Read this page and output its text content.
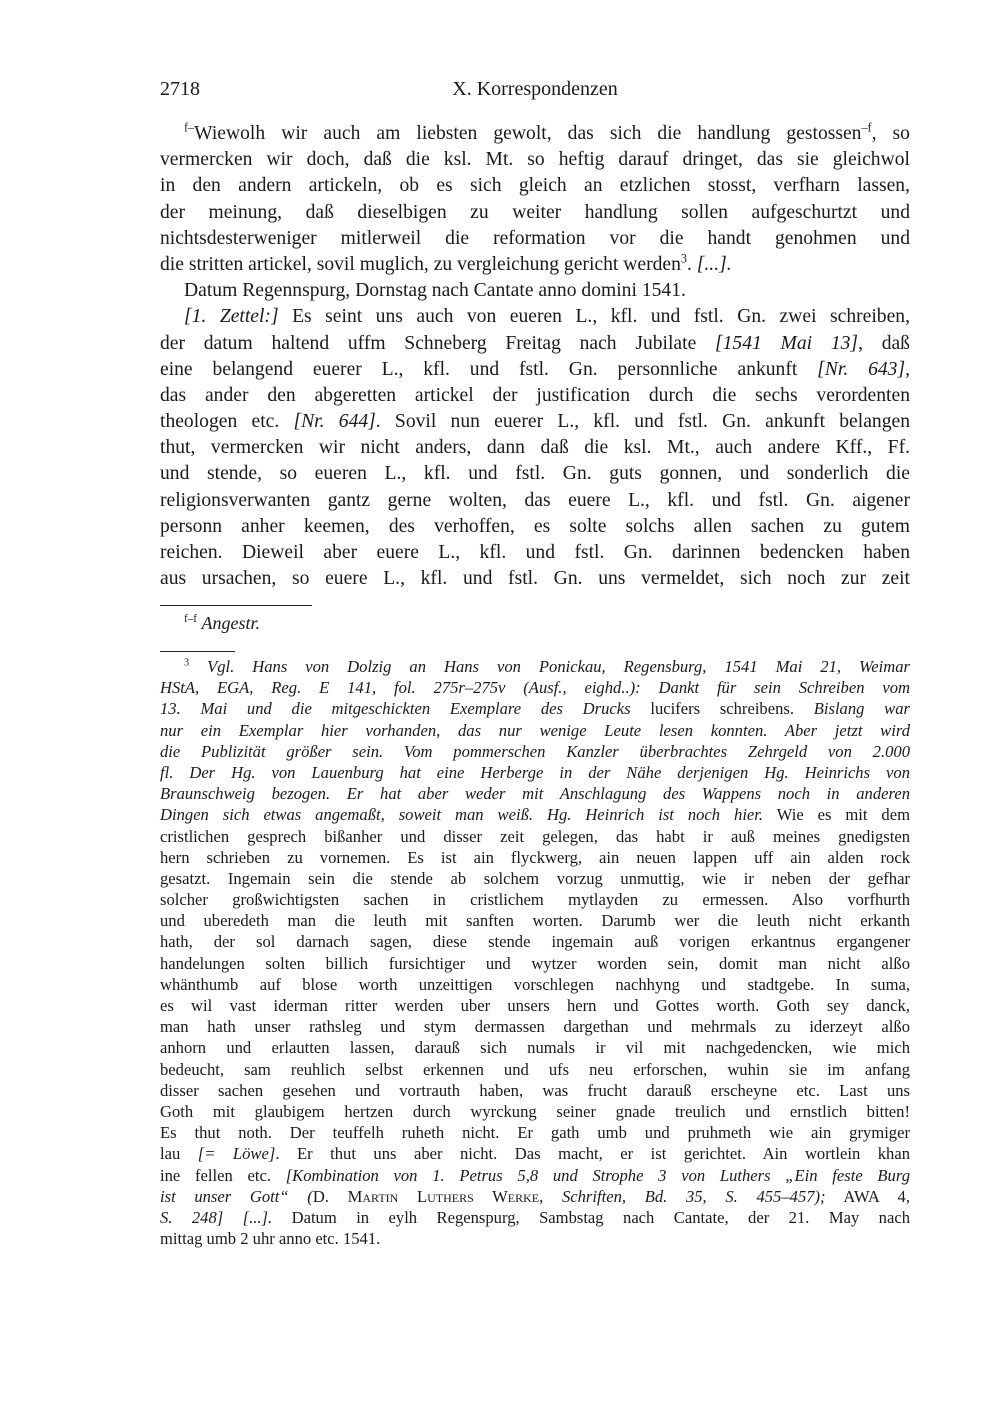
2718	X. Korrespondenzen
$^{f-}$Wiewolh wir auch am liebsten gewolt, das sich die handlung gestossen$^{-f}$, so
vermercken wir doch, daß die ksl. Mt. so heftig darauf dringet, das sie gleichwol
in den andern artickeln, ob es sich gleich an etzlichen stosst, verfharn lassen,
der meinung, daß dieselbigen zu weiter handlung sollen aufgeschurtzt und
nichtsdesterweniger mitlerweil die reformation vor die handt genohmen und
die stritten artickel, sovil muglich, zu vergleichung gericht werden$^3$. [...].
Datum Regennspurg, Dornstag nach Cantate anno domini 1541.
[1. Zettel:] Es seint uns auch von eueren L., kfl. und fstl. Gn. zwei schreiben,
der datum haltend uffm Schneberg Freitag nach Jubilate [1541 Mai 13], daß
eine belangend euerer L., kfl. und fstl. Gn. personnliche ankunft [Nr. 643],
das ander den abgeretten artickel der justification durch die sechs verordenten
theologen etc. [Nr. 644]. Sovil nun euerer L., kfl. und fstl. Gn. ankunft belangen
thut, vermercken wir nicht anders, dann daß die ksl. Mt., auch andere Kff., Ff.
und stende, so eueren L., kfl. und fstl. Gn. guts gonnen, und sonderlich die
religionsverwanten gantz gerne wolten, das euere L., kfl. und fstl. Gn. aigener
personn anher keemen, des verhoffen, es solte solchs allen sachen zu gutem
reichen. Dieweil aber euere L., kfl. und fstl. Gn. darinnen bedencken haben
aus ursachen, so euere L., kfl. und fstl. Gn. uns vermeldet, sich noch zur zeit
$^{f-f}$ Angestr.
$^3$ Vgl. Hans von Dolzig an Hans von Ponickau, Regensburg, 1541 Mai 21, Weimar
HStA, EGA, Reg. E 141, fol. 275r–275v (Ausf., eighd..): Dankt für sein Schreiben vom
13. Mai und die mitgeschickten Exemplare des Drucks lucifers schreibens. Bislang war
nur ein Exemplar hier vorhanden, das nur wenige Leute lesen konnten. Aber jetzt wird
die Publizität größer sein. Vom pommerschen Kanzler überbrachtes Zehrgeld von 2.000
fl. Der Hg. von Lauenburg hat eine Herberge in der Nähe derjenigen Hg. Heinrichs von
Braunschweig bezogen. Er hat aber weder mit Anschlagung des Wappens noch in anderen
Dingen sich etwas angemaßt, soweit man weiß. Hg. Heinrich ist noch hier. Wie es mit dem
cristlichen gesprech bißanher und disser zeit gelegen, das habt ir auß meines gnedigsten
hern schrieben zu vornemen. Es ist ain flyckwerg, ain neuen lappen uff ain alden rock
gesatzt. Ingemain sein die stende ab solchem vorzug unmuttig, wie ir neben der gefhar
solcher großwichtigsten sachen in cristlichem mytlayden zu ermessen. Also vorfhurth
und uberedeth man die leuth mit sanften worten. Darumb wer die leuth nicht erkanth
hath, der sol darnach sagen, diese stende ingemain auß vorigen erkantnus ergangener
handelungen solten billich fursichtiger und wytzer worden sein, domit man nicht alßo
whänthumb auf blose worth unzeittigen vorschlegen nachhyng und stadtgebe. In suma,
es wil vast iderman ritter werden uber unsers hern und Gottes worth. Goth sey danck,
man hath unser rathsleg und stym dermassen dargethan und mehrmals zu iderzeyt alßo
anhorn und erlautten lassen, darauß sich numals ir vil mit nachgedencken, wie mich
bedeucht, sam reuhlich selbst erkennen und ufs neu erforschen, wuhin sie im anfang
disser sachen gesehen und vortrauth haben, was frucht darauß erscheyne etc. Last uns
Goth mit glaubigem hertzen durch wyrckung seiner gnade treulich und ernstlich bitten!
Es thut noth. Der teuffelh ruheth nicht. Er gath umb und pruhmeth wie ain grymiger
lau [= Löwe]. Er thut uns aber nicht. Das macht, er ist gerichtet. Ain wortlein khan
ine fellen etc. [Kombination von 1. Petrus 5,8 und Strophe 3 von Luthers „Ein feste Burg
ist unser Gott“ (D. Martin Luthers Werke, Schriften, Bd. 35, S. 455–457); AWA 4,
S. 248] [...]. Datum in eylh Regenspurg, Sambstag nach Cantate, der 21. May nach
mittag umb 2 uhr anno etc. 1541.
